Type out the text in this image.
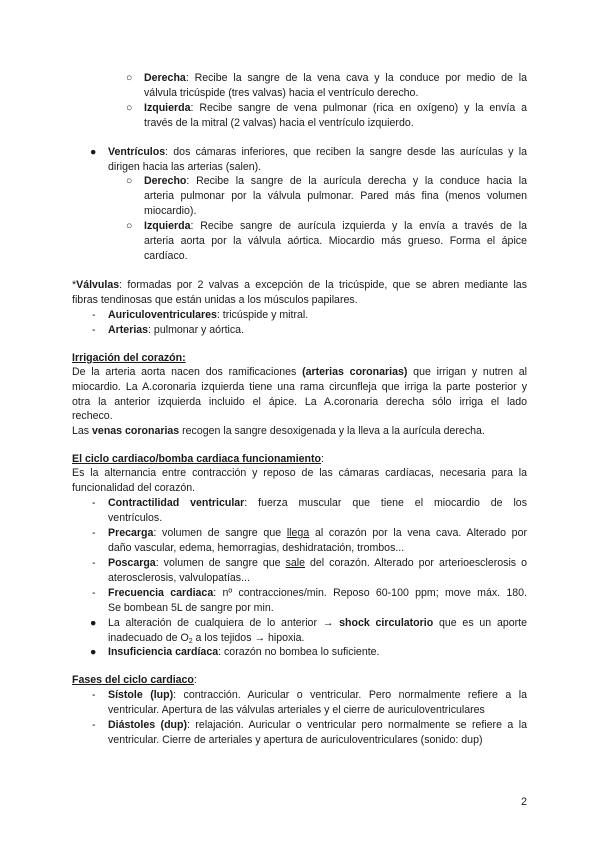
○ Derecha: Recibe la sangre de la vena cava y la conduce por medio de la
válvula tricúspide (tres valvas) hacia el ventrículo derecho.
○ Izquierda: Recibe sangre de vena pulmonar (rica en oxígeno) y la envía a
través de la mitral (2 valvas) hacia el ventrículo izquierdo.
● Ventrículos: dos cámaras inferiores, que reciben la sangre desde las aurículas y la
dirigen hacia las arterias (salen).
○ Derecho: Recibe la sangre de la aurícula derecha y la conduce hacia la
arteria pulmonar por la válvula pulmonar. Pared más fina (menos volumen
miocardio).
○ Izquierda: Recibe sangre de aurícula izquierda y la envía a través de la
arteria aorta por la válvula aórtica. Miocardio más grueso. Forma el ápice
cardíaco.
*Válvulas: formadas por 2 valvas a excepción de la tricúspide, que se abren mediante las
fibras tendinosas que están unidas a los músculos papilares.
- Auriculoventriculares: tricúspide y mitral.
- Arterias: pulmonar y aórtica.
Irrigación del corazón:
De la arteria aorta nacen dos ramificaciones (arterias coronarias) que irrigan y nutren al
miocardio. La A.coronaria izquierda tiene una rama circunfleja que irriga la parte posterior y
otra la anterior izquierda incluido el ápice. La A.coronaria derecha sólo irriga el lado
recheco.
Las venas coronarias recogen la sangre desoxigenada y la lleva a la aurícula derecha.
El ciclo cardiaco/bomba cardiaca funcionamiento:
Es la alternancia entre contracción y reposo de las cámaras cardíacas, necesaria para la
funcionalidad del corazón.
- Contractilidad ventricular: fuerza muscular que tiene el miocardio de los
ventrículos.
- Precarga: volumen de sangre que llega al corazón por la vena cava. Alterado por
daño vascular, edema, hemorragias, deshidratación, trombos...
- Poscarga: volumen de sangre que sale del corazón. Alterado por arterioesclerosis o
aterosclerosis, valvulopatías...
- Frecuencia cardiaca: nº contracciones/min. Reposo 60-100 ppm; move máx. 180.
Se bombean 5L de sangre por min.
● La alteración de cualquiera de lo anterior → shock circulatorio que es un aporte
inadecuado de $O_2$ a los tejidos → hipoxia.
● Insuficiencia cardíaca: corazón no bombea lo suficiente.
Fases del ciclo cardiaco:
- Sístole (lup): contracción. Auricular o ventricular. Pero normalmente refiere a la
ventricular. Apertura de las válvulas arteriales y el cierre de auriculoventriculares
- Diástoles (dup): relajación. Auricular o ventricular pero normalmente se refiere a la
ventricular. Cierre de arteriales y apertura de auriculoventriculares (sonido: dup)
2
